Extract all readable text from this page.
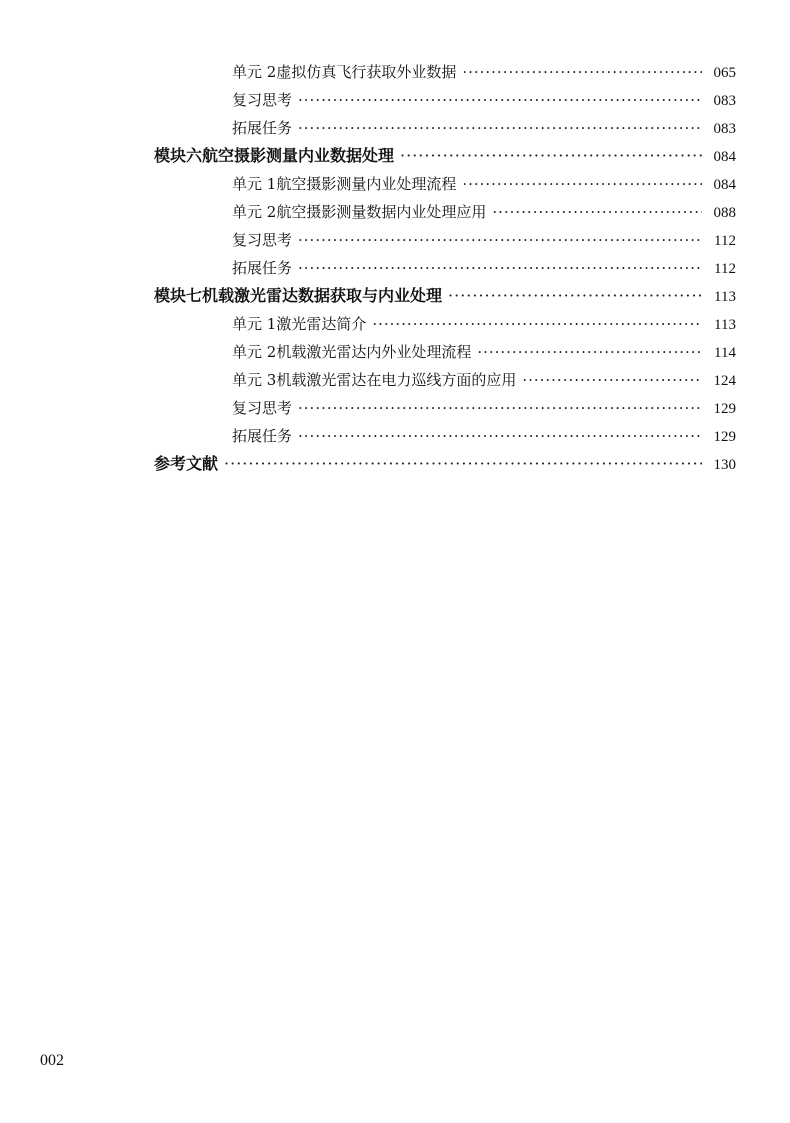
单元 2 虚拟仿真飞行获取外业数据 ·····	065
复习思考 ·····	083
拓展任务 ·····	083
模块六 航空摄影测量内业数据处理 ·····	084
单元 1 航空摄影测量内业处理流程 ·····	084
单元 2 航空摄影测量数据内业处理应用 ·····	088
复习思考 ·····	112
拓展任务 ·····	112
模块七 机载激光雷达数据获取与内业处理 ·····	113
单元 1 激光雷达简介 ·····	113
单元 2 机载激光雷达内外业处理流程 ·····	114
单元 3 机载激光雷达在电力巡线方面的应用 ·····	124
复习思考 ·····	129
拓展任务 ·····	129
参考文献 ·····	130
002
